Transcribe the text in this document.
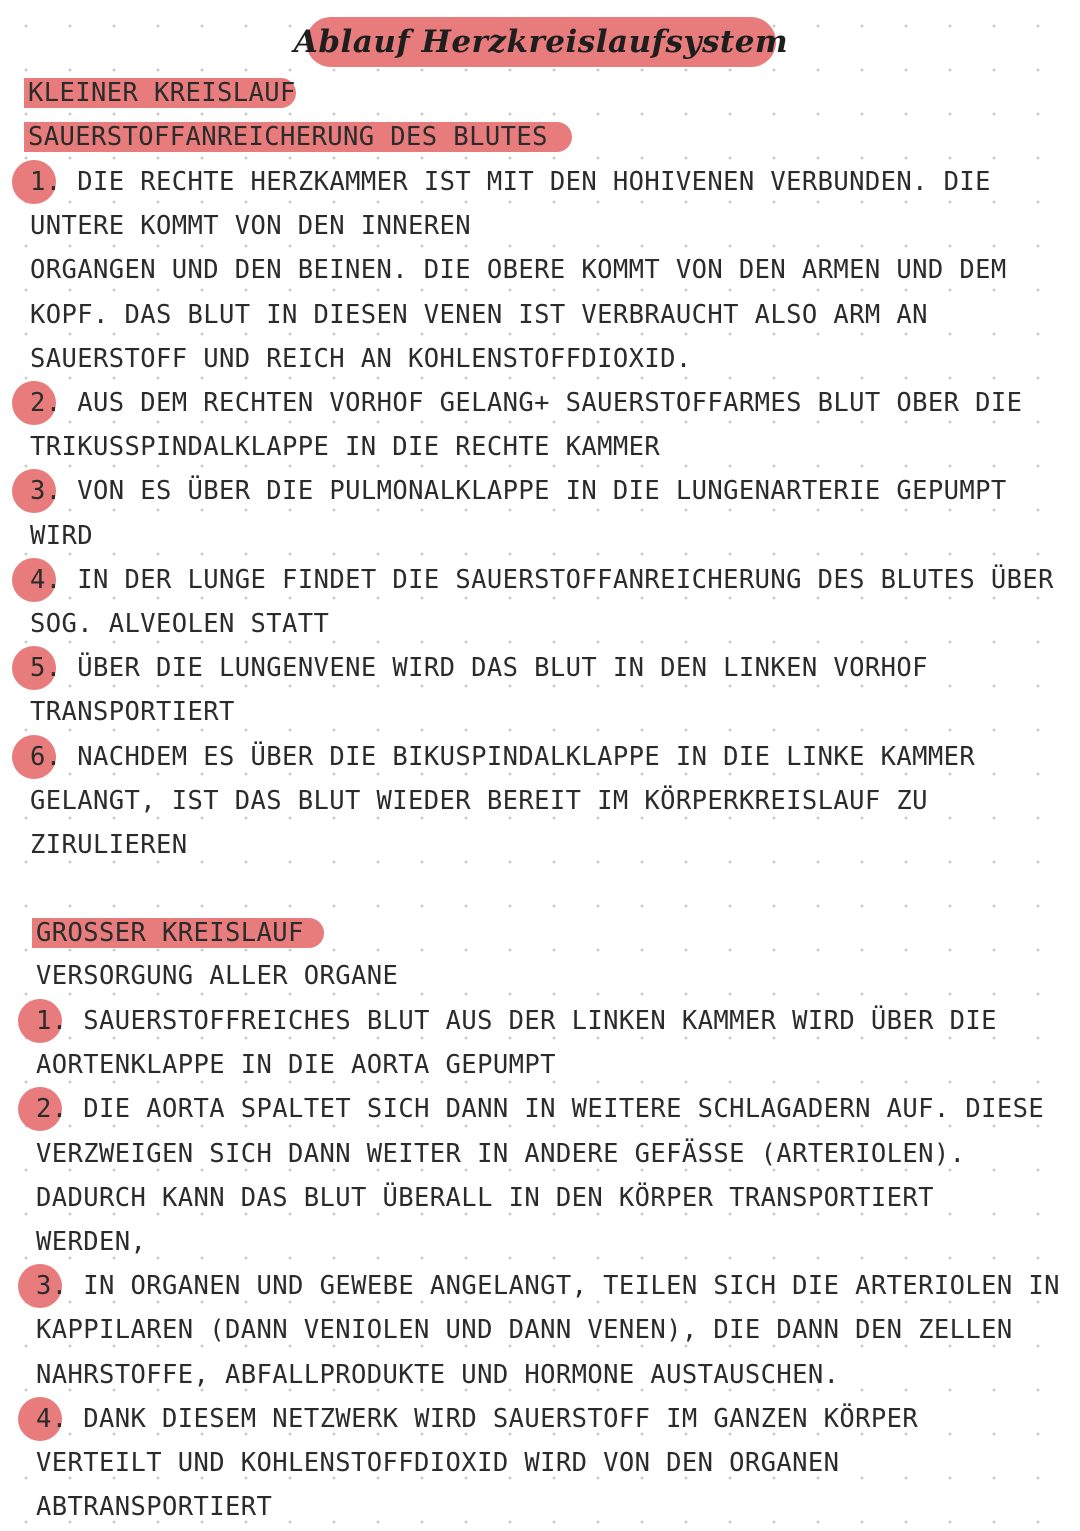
Ablauf Herzkreislaufsystem
KLEINER KREISLAUF
SAUERSTOFFANREICHERUNG DES BLUTES
1. DIE RECHTE HERZKAMMER IST MIT DEN HOHIVENEN VERBUNDEN. DIE
UNTERE KOMMT VON DEN INNEREN
ORGANGEN UND DEN BEINEN. DIE OBERE KOMMT VON DEN ARMEN UND DEM
KOPF. DAS BLUT IN DIESEN VENEN IST VERBRAUCHT ALSO ARM AN
SAUERSTOFF UND REICH AN KOHLENSTOFFDIOXID.
2. AUS DEM RECHTEN VORHOF GELANG+ SAUERSTOFFARMES BLUT OBER DIE
TRIKUSSPINDALKLAPPE IN DIE RECHTE KAMMER
3. VON ES ÜBER DIE PULMONALKLAPPE IN DIE LUNGENARTERIE GEPUMPT
WIRD
4. IN DER LUNGE FINDET DIE SAUERSTOFFANREICHERUNG DES BLUTES ÜBER
SOG. ALVEOLEN STATT
5. ÜBER DIE LUNGENVENE WIRD DAS BLUT IN DEN LINKEN VORHOF
TRANSPORTIERT
6. NACHDEM ES ÜBER DIE BIKUSPINDALKLAPPE IN DIE LINKE KAMMER
GELANGT, IST DAS BLUT WIEDER BEREIT IM KÖRPERKREISLAUF ZU
ZIRULIEREN
GROSSER KREISLAUF
VERSORGUNG ALLER ORGANE
1. SAUERSTOFFREICHES BLUT AUS DER LINKEN KAMMER WIRD ÜBER DIE
AORTENKLAPPE IN DIE AORTA GEPUMPT
2. DIE AORTA SPALTET SICH DANN IN WEITERE SCHLAGADERN AUF. DIESE
VERZWEIGEN SICH DANN WEITER IN ANDERE GEFÄSSE (ARTERIOLEN).
DADURCH KANN DAS BLUT ÜBERALL IN DEN KÖRPER TRANSPORTIERT
WERDEN,
3. IN ORGANEN UND GEWEBE ANGELANGT, TEILEN SICH DIE ARTERIOLEN IN
KAPPILAREN (DANN VENIOLEN UND DANN VENEN), DIE DANN DEN ZELLEN
NAHRSTOFFE, ABFALLPRODUKTE UND HORMONE AUSTAUSCHEN.
4. DANK DIESEM NETZWERK WIRD SAUERSTOFF IM GANZEN KÖRPER
VERTEILT UND KOHLENSTOFFDIOXID WIRD VON DEN ORGANEN
ABTRANSPORTIERT
